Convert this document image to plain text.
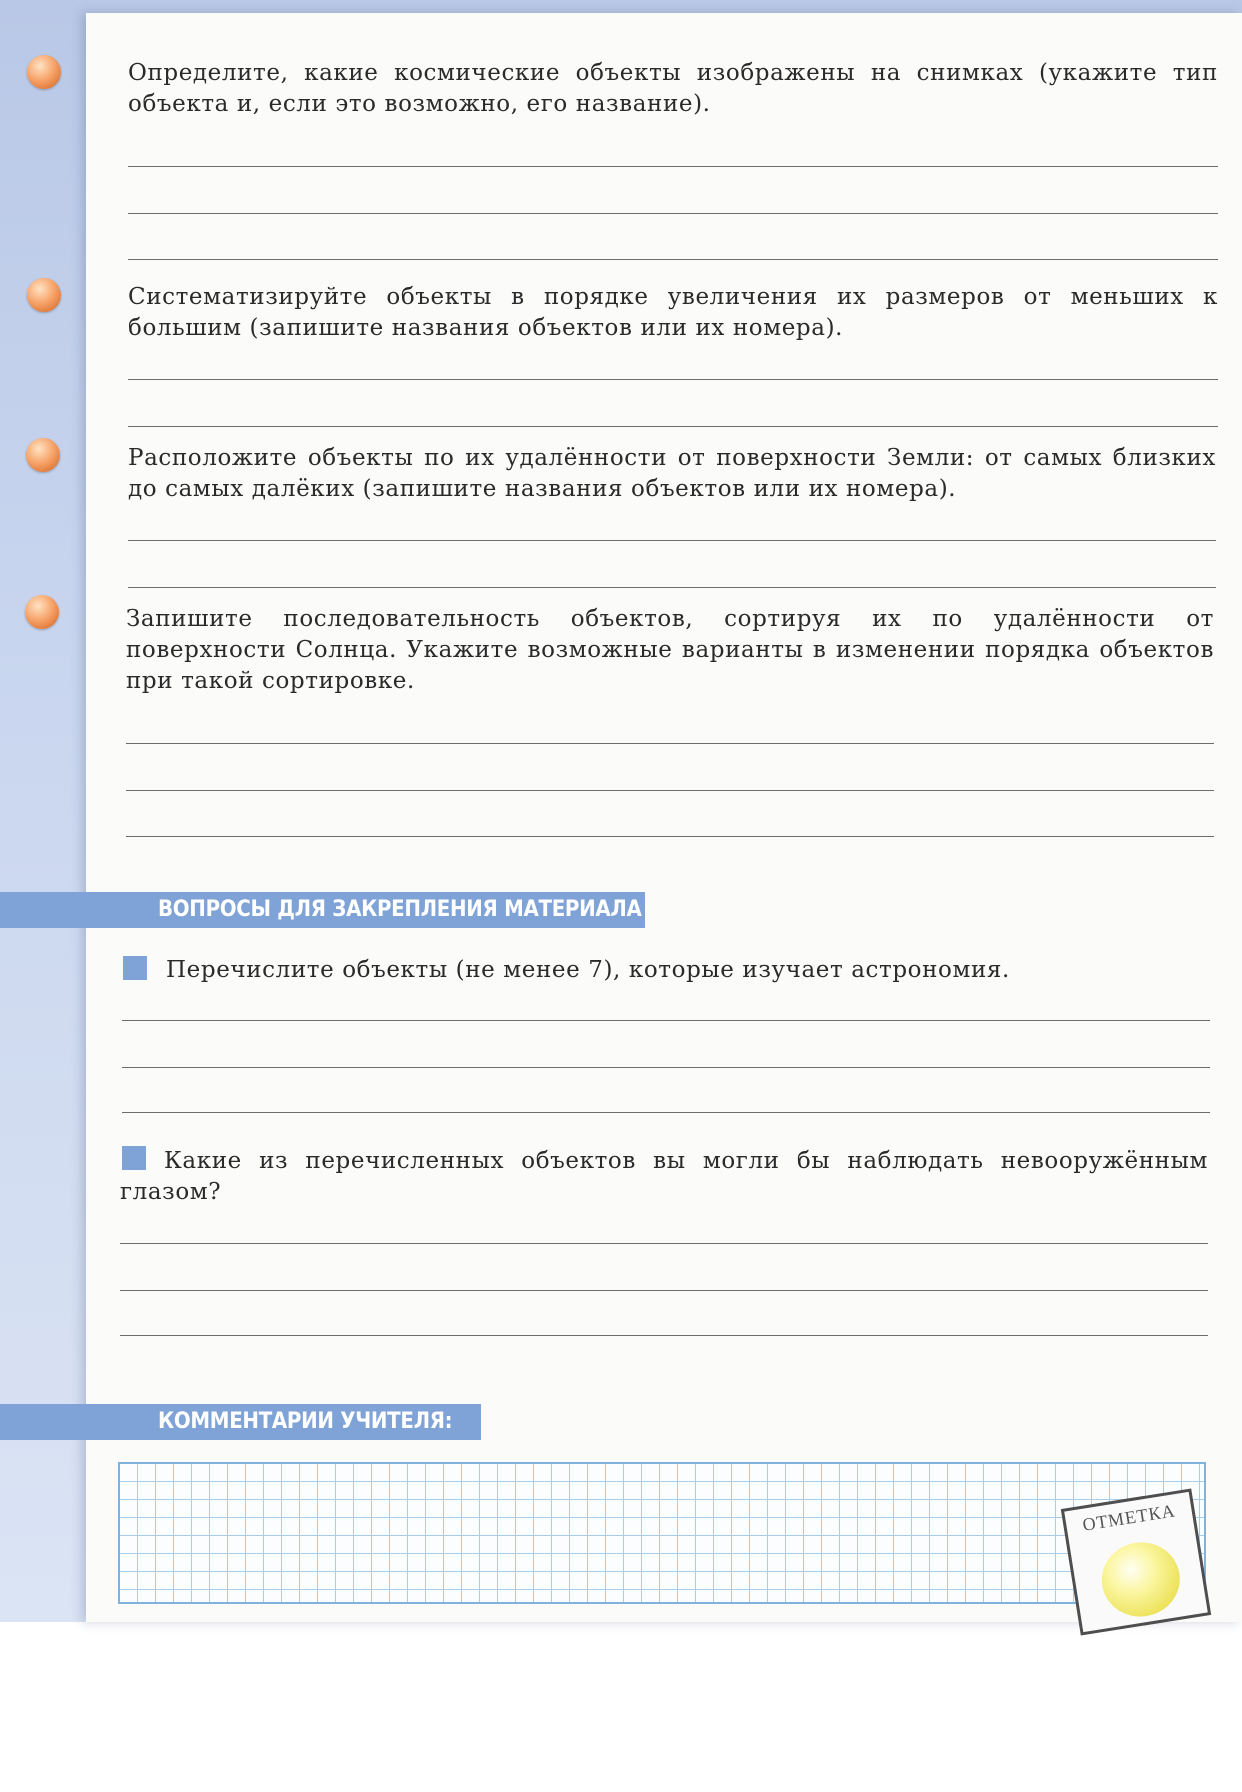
Определите, какие космические объекты изображены на снимках (укажите тип объекта и, если это возможно, его название).

Систематизируйте объекты в порядке увеличения их размеров от меньших к большим (запишите названия объектов или их номера).

Расположите объекты по их удалённости от поверхности Земли: от самых близких до самых далёких (запишите названия объектов или их номера).

Запишите последовательность объектов, сортируя их по удалённости от поверхности Солнца. Укажите возможные варианты в изменении порядка объектов при такой сортировке.

ВОПРОСЫ ДЛЯ ЗАКРЕПЛЕНИЯ МАТЕРИАЛА

Перечислите объекты (не менее 7), которые изучает астрономия.

Какие из перечисленных объектов вы могли бы наблюдать невооружённым глазом?

КОММЕНТАРИИ УЧИТЕЛЯ:
ОТМЕТКА
